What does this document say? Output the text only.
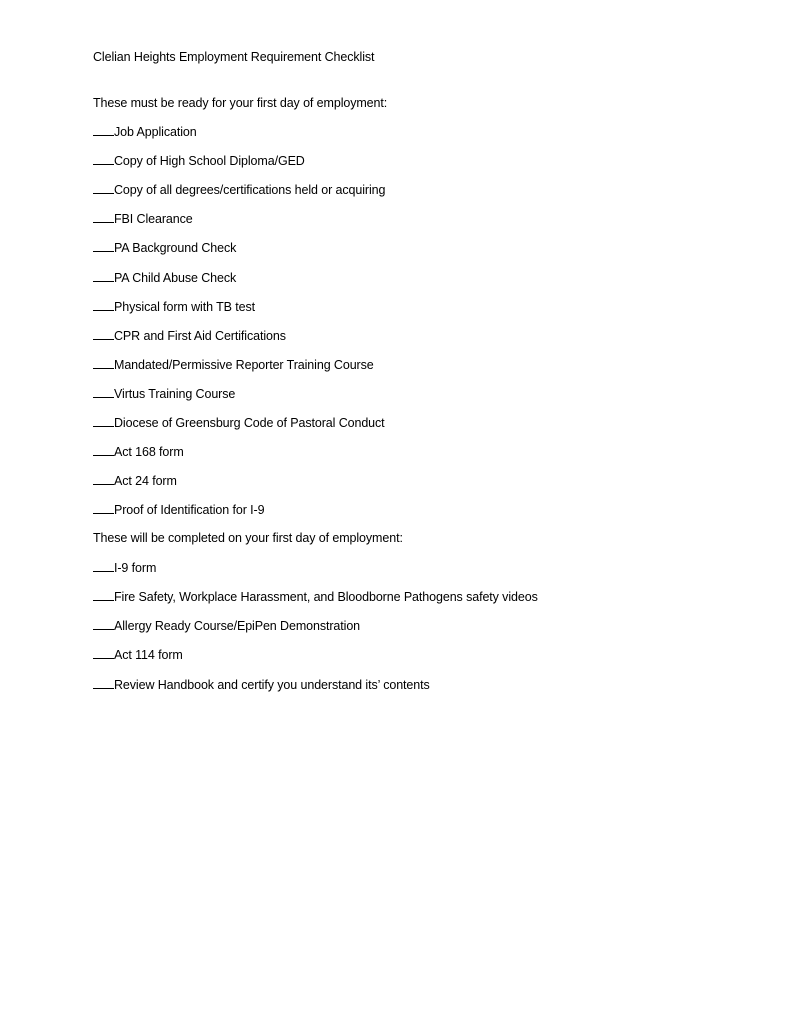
Clelian Heights Employment Requirement Checklist
These must be ready for your first day of employment:
Job Application
Copy of High School Diploma/GED
Copy of all degrees/certifications held or acquiring
FBI Clearance
PA Background Check
PA Child Abuse Check
Physical form with TB test
CPR and First Aid Certifications
Mandated/Permissive Reporter Training Course
Virtus Training Course
Diocese of Greensburg Code of Pastoral Conduct
Act 168 form
Act 24 form
Proof of Identification for I-9
These will be completed on your first day of employment:
I-9 form
Fire Safety, Workplace Harassment, and Bloodborne Pathogens safety videos
Allergy Ready Course/EpiPen Demonstration
Act 114 form
Review Handbook and certify you understand its’ contents
